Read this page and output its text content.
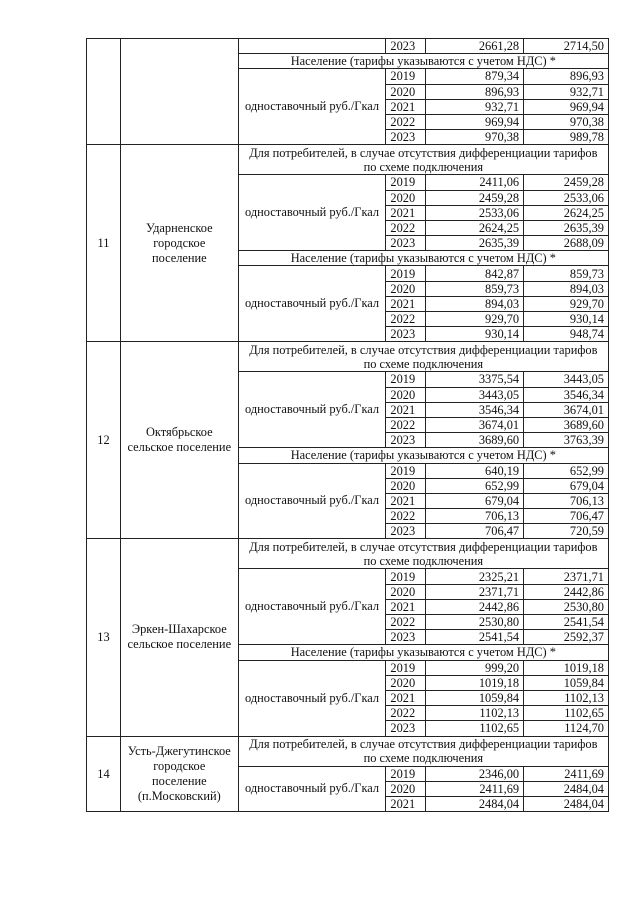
			2023	2661,28	2714,50
		Население (тарифы указываются с учетом НДС) *			
		одноставочный руб./Гкал	2019	879,34	896,93
			2020	896,93	932,71
			2021	932,71	969,94
			2022	969,94	970,38
			2023	970,38	989,78
11	Ударненское городское поселение	Для потребителей, в случае отсутствия дифференциации тарифов по схеме подключения			
		одноставочный руб./Гкал	2019	2411,06	2459,28
			2020	2459,28	2533,06
			2021	2533,06	2624,25
			2022	2624,25	2635,39
			2023	2635,39	2688,09
		Население (тарифы указываются с учетом НДС) *			
		одноставочный руб./Гкал	2019	842,87	859,73
			2020	859,73	894,03
			2021	894,03	929,70
			2022	929,70	930,14
			2023	930,14	948,74
12	Октябрьское сельское поселение	Для потребителей, в случае отсутствия дифференциации тарифов по схеме подключения			
		одноставочный руб./Гкал	2019	3375,54	3443,05
			2020	3443,05	3546,34
			2021	3546,34	3674,01
			2022	3674,01	3689,60
			2023	3689,60	3763,39
		Население (тарифы указываются с учетом НДС) *			
		одноставочный руб./Гкал	2019	640,19	652,99
			2020	652,99	679,04
			2021	679,04	706,13
			2022	706,13	706,47
			2023	706,47	720,59
13	Эркен-Шахарское сельское поселение	Для потребителей, в случае отсутствия дифференциации тарифов по схеме подключения			
		одноставочный руб./Гкал	2019	2325,21	2371,71
			2020	2371,71	2442,86
			2021	2442,86	2530,80
			2022	2530,80	2541,54
			2023	2541,54	2592,37
		Население (тарифы указываются с учетом НДС) *			
		одноставочный руб./Гкал	2019	999,20	1019,18
			2020	1019,18	1059,84
			2021	1059,84	1102,13
			2022	1102,13	1102,65
			2023	1102,65	1124,70
14	Усть-Джегутинское городское поселение (п.Московский)	Для потребителей, в случае отсутствия дифференциации тарифов по схеме подключения			
		одноставочный руб./Гкал	2019	2346,00	2411,69
			2020	2411,69	2484,04
			2021	2484,04	2484,04
